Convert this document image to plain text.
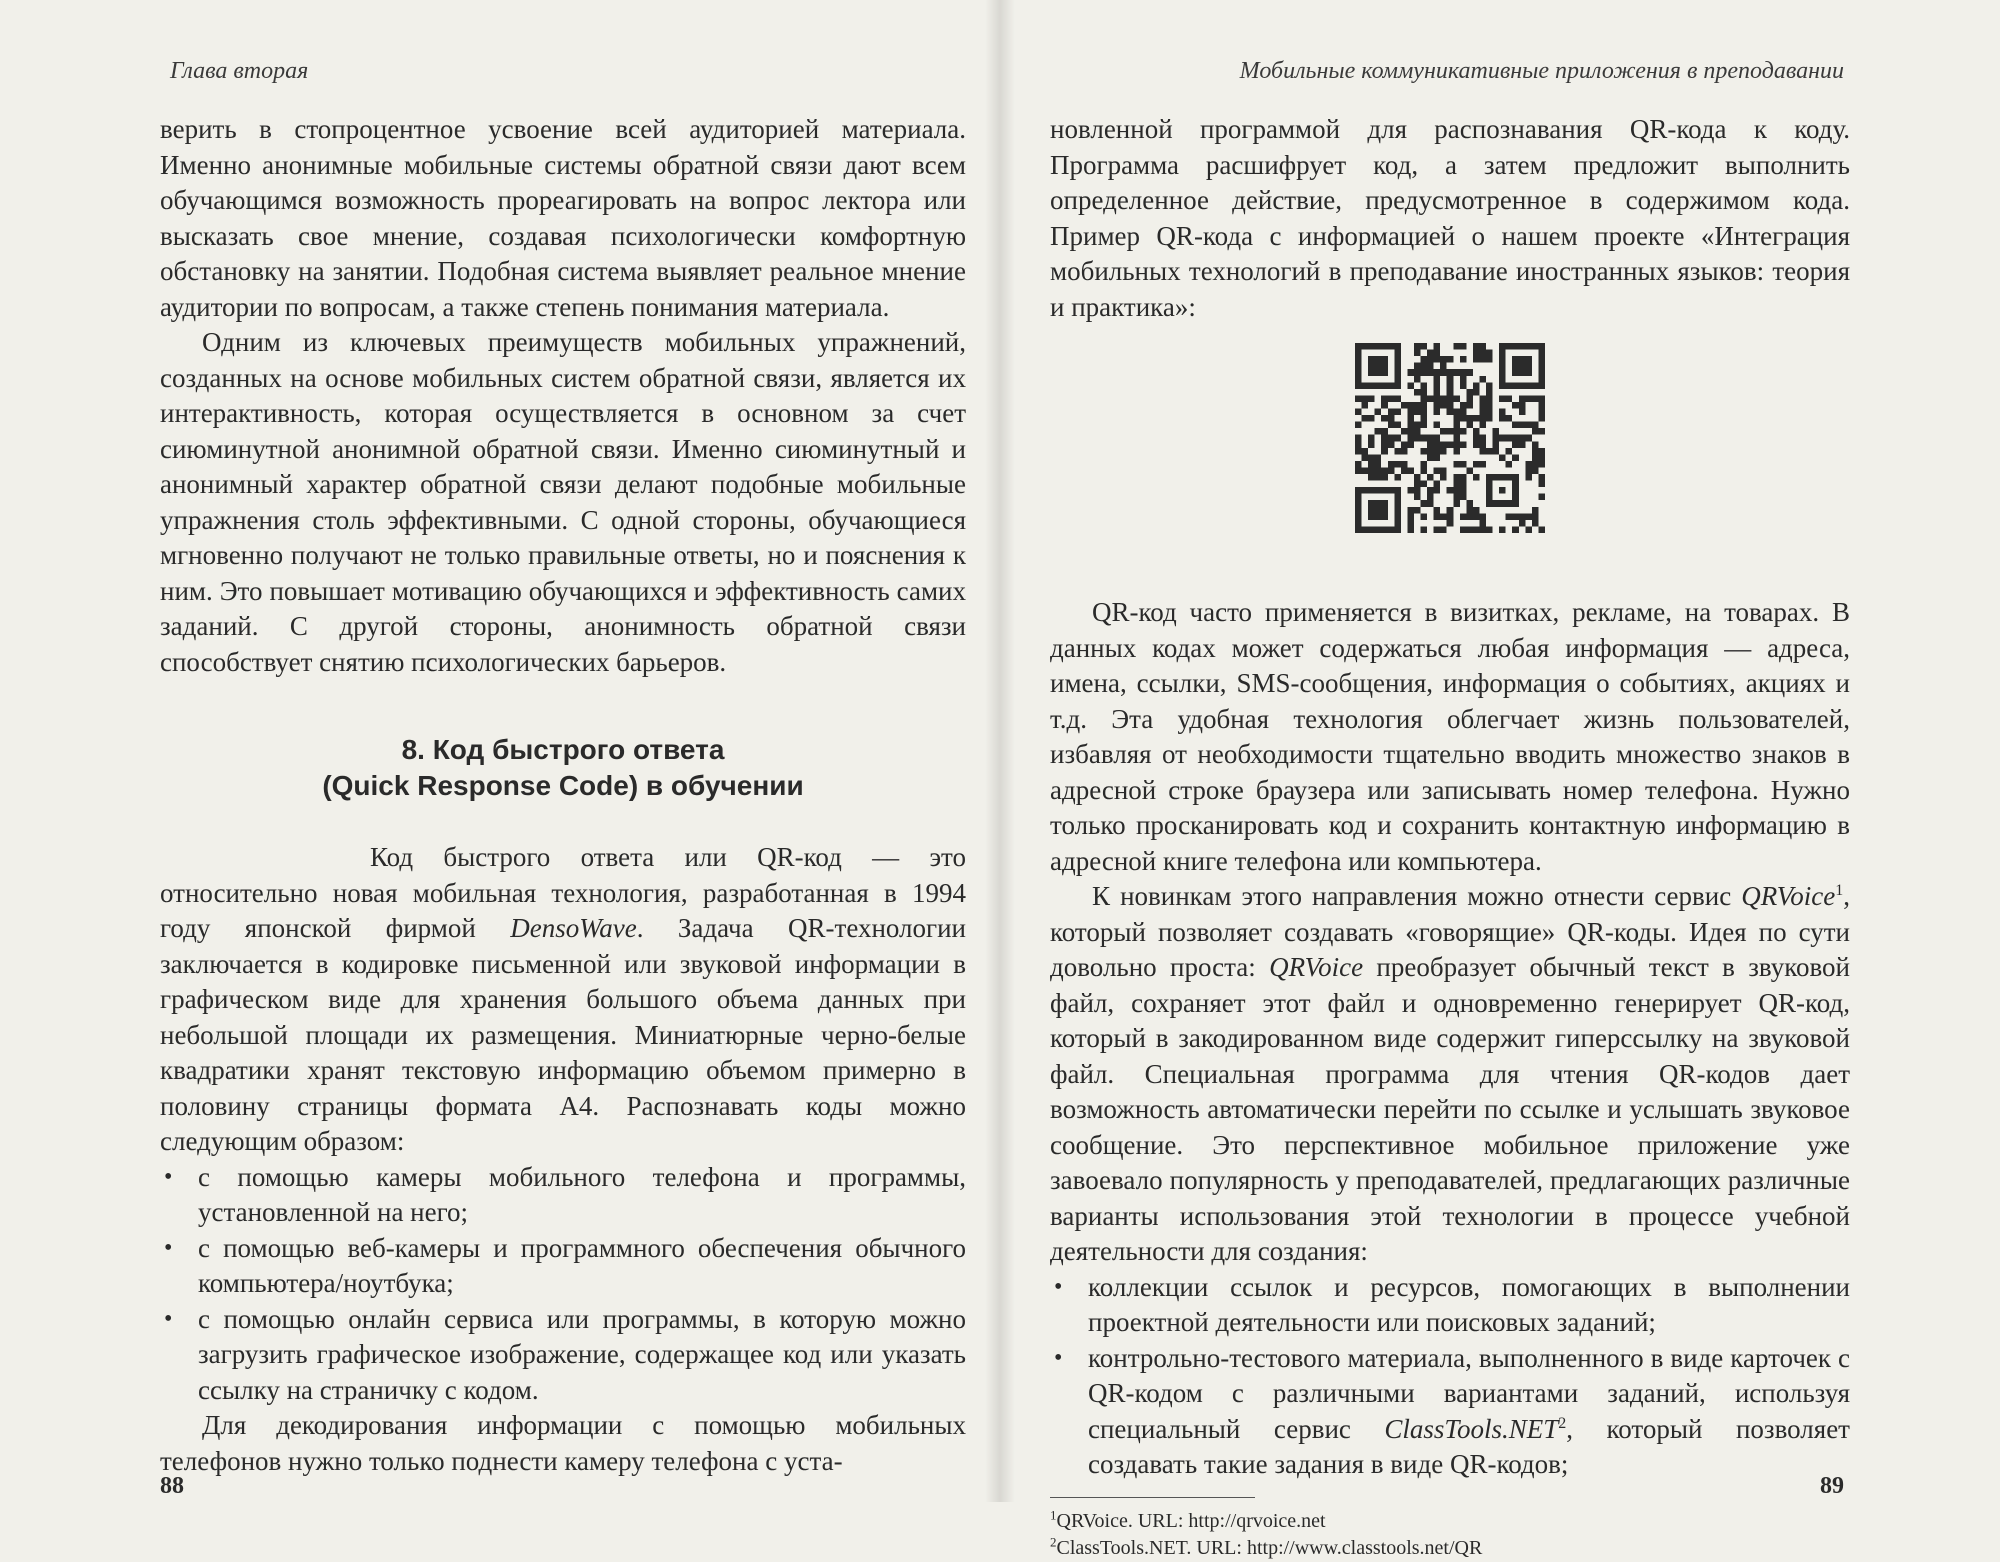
Глава вторая

верить в стопроцентное усвоение всей аудиторией материала. Именно анонимные мобильные системы обратной связи дают всем обучающимся возможность прореагировать на вопрос лектора или высказать свое мнение, создавая психологически комфортную обстановку на занятии. Подобная система выявляет реальное мнение аудитории по вопросам, а также степень понимания материала.

Одним из ключевых преимуществ мобильных упражнений, созданных на основе мобильных систем обратной связи, является их интерактивность, которая осуществляется в основном за счет сиюминутной анонимной обратной связи. Именно сиюминутный и анонимный характер обратной связи делают подобные мобильные упражнения столь эффективными. С одной стороны, обучающиеся мгновенно получают не только правильные ответы, но и пояснения к ним. Это повышает мотивацию обучающихся и эффективность самих заданий. С другой стороны, анонимность обратной связи способствует снятию психологических барьеров.

8. Код быстрого ответа
(Quick Response Code) в обучении

Код быстрого ответа или QR-код — это относительно новая мобильная технология, разработанная в 1994 году японской фирмой DensoWave. Задача QR-технологии заключается в кодировке письменной или звуковой информации в графическом виде для хранения большого объема данных при небольшой площади их размещения. Миниатюрные черно-белые квадратики хранят текстовую информацию объемом примерно в половину страницы формата А4. Распознавать коды можно следующим образом:

• с помощью камеры мобильного телефона и программы, установленной на него;
• с помощью веб-камеры и программного обеспечения обычного компьютера/ноутбука;
• с помощью онлайн сервиса или программы, в которую можно загрузить графическое изображение, содержащее код или указать ссылку на страничку с кодом.

Для декодирования информации с помощью мобильных телефонов нужно только поднести камеру телефона с уста-

88
Мобильные коммуникативные приложения в преподавании

новленной программой для распознавания QR-кода к коду. Программа расшифрует код, а затем предложит выполнить определенное действие, предусмотренное в содержимом кода. Пример QR-кода с информацией о нашем проекте «Интеграция мобильных технологий в преподавание иностранных языков: теория и практика»:

QR-код часто применяется в визитках, рекламе, на товарах. В данных кодах может содержаться любая информация — адреса, имена, ссылки, SMS-сообщения, информация о событиях, акциях и т.д. Эта удобная технология облегчает жизнь пользователей, избавляя от необходимости тщательно вводить множество знаков в адресной строке браузера или записывать номер телефона. Нужно только просканировать код и сохранить контактную информацию в адресной книге телефона или компьютера.

К новинкам этого направления можно отнести сервис QRVoice$^1$, который позволяет создавать «говорящие» QR-коды. Идея по сути довольно проста: QRVoice преобразует обычный текст в звуковой файл, сохраняет этот файл и одновременно генерирует QR-код, который в закодированном виде содержит гиперссылку на звуковой файл. Специальная программа для чтения QR-кодов дает возможность автоматически перейти по ссылке и услышать звуковое сообщение. Это перспективное мобильное приложение уже завоевало популярность у преподавателей, предлагающих различные варианты использования этой технологии в процессе учебной деятельности для создания:

• коллекции ссылок и ресурсов, помогающих в выполнении проектной деятельности или поисковых заданий;
• контрольно-тестового материала, выполненного в виде карточек с QR-кодом с различными вариантами заданий, используя специальный сервис ClassTools.NET$^2$, который позволяет создавать такие задания в виде QR-кодов;
$^1$QRVoice. URL: http://qrvoice.net
$^2$ClassTools.NET. URL: http://www.classtools.net/QR
89
